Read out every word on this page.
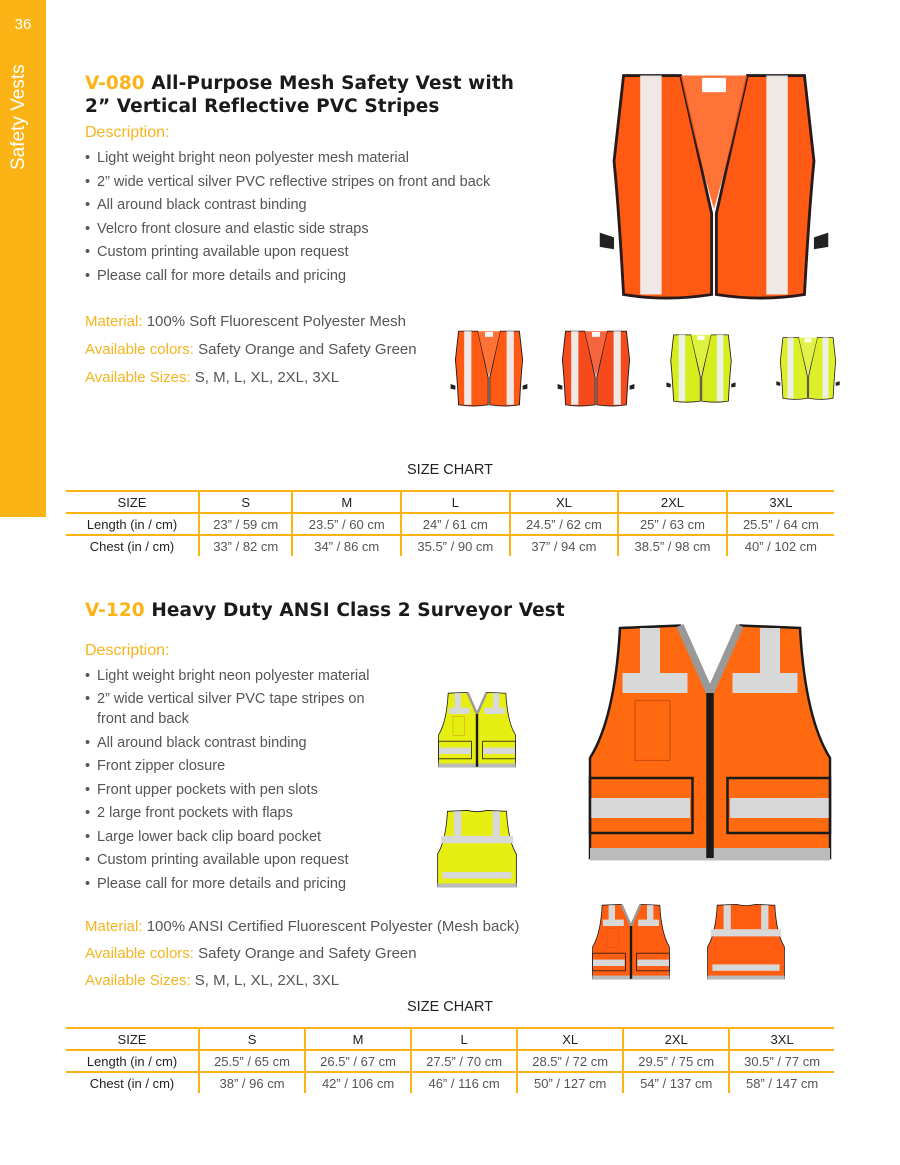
36
Safety Vests	V-080 All-Purpose Mesh Safety Vest with
2” Vertical Reflective PVC Stripes
Description:
• Light weight bright neon polyester mesh material
• 2” wide vertical silver PVC reflective stripes on front and back
• All around black contrast binding
• Velcro front closure and elastic side straps
• Custom printing available upon request
• Please call for more details and pricing
Material: 100% Soft Fluorescent Polyester Mesh
Available colors: Safety Orange and Safety Green
Available Sizes: S, M, L, XL, 2XL, 3XL
SIZE CHART
SIZE	S	M	L	XL	2XL	3XL
Length (in / cm)	23” / 59 cm	23.5” / 60 cm	24” / 61 cm	24.5” / 62 cm	25” / 63 cm	25.5” / 64 cm
Chest (in / cm)	33” / 82 cm	34” / 86 cm	35.5” / 90 cm	37” / 94 cm	38.5” / 98 cm	40” / 102 cm
V-120 Heavy Duty ANSI Class 2 Surveyor Vest
Description:
• Light weight bright neon polyester material
• 2” wide vertical silver PVC tape stripes on front and back
• All around black contrast binding
• Front zipper closure
• Front upper pockets with pen slots
• 2 large front pockets with flaps
• Large lower back clip board pocket
• Custom printing available upon request
• Please call for more details and pricing
Material: 100% ANSI Certified Fluorescent Polyester (Mesh back)
Available colors: Safety Orange and Safety Green
Available Sizes: S, M, L, XL, 2XL, 3XL
SIZE CHART
SIZE	S	M	L	XL	2XL	3XL
Length (in / cm)	25.5” / 65 cm	26.5” / 67 cm	27.5” / 70 cm	28.5” / 72 cm	29.5” / 75 cm	30.5” / 77 cm
Chest (in / cm)	38” / 96 cm	42” / 106 cm	46” / 116 cm	50” / 127 cm	54” / 137 cm	58” / 147 cm
